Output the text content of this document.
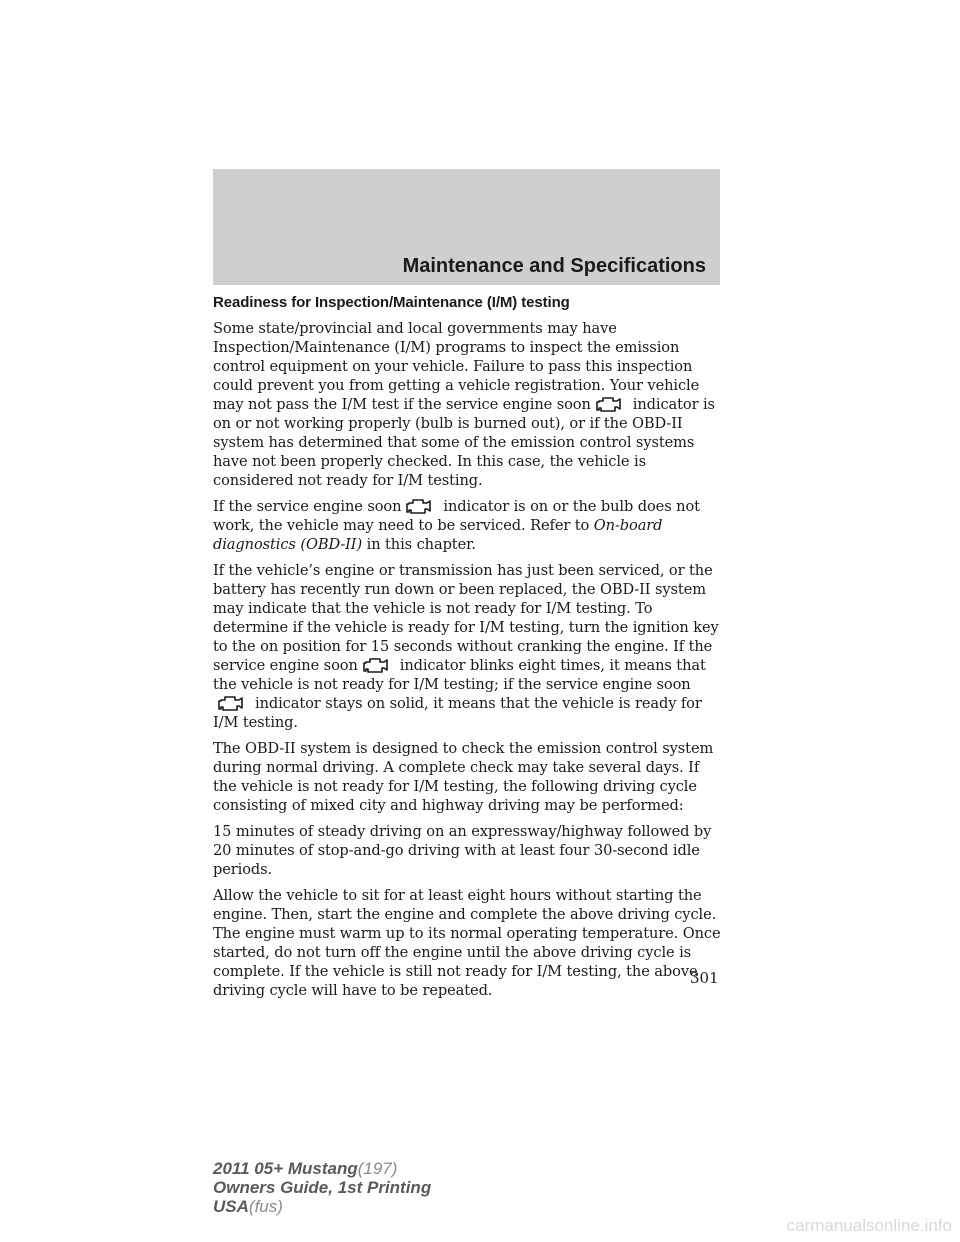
Maintenance and Specifications
Readiness for Inspection/Maintenance (I/M) testing

Some state/provincial and local governments may have Inspection/Maintenance (I/M) programs to inspect the emission control equipment on your vehicle. Failure to pass this inspection could prevent you from getting a vehicle registration. Your vehicle may not pass the I/M test if the service engine soon	indicator is on or not working properly (bulb is burned out), or if the OBD-II system has determined that some of the emission control systems have not been properly checked. In this case, the vehicle is considered not ready for I/M testing.

If the service engine soon	indicator is on or the bulb does not work, the vehicle may need to be serviced. Refer to On-board diagnostics (OBD-II) in this chapter.

If the vehicle’s engine or transmission has just been serviced, or the battery has recently run down or been replaced, the OBD-II system may indicate that the vehicle is not ready for I/M testing. To determine if the vehicle is ready for I/M testing, turn the ignition key to the on position for 15 seconds without cranking the engine. If the service engine soon	indicator blinks eight times, it means that the vehicle is not ready for I/M testing; if the service engine soon
indicator stays on solid, it means that the vehicle is ready for I/M testing.

The OBD-II system is designed to check the emission control system during normal driving. A complete check may take several days. If the vehicle is not ready for I/M testing, the following driving cycle consisting of mixed city and highway driving may be performed:

15 minutes of steady driving on an expressway/highway followed by 20 minutes of stop-and-go driving with at least four 30-second idle periods.

Allow the vehicle to sit for at least eight hours without starting the engine. Then, start the engine and complete the above driving cycle. The engine must warm up to its normal operating temperature. Once started, do not turn off the engine until the above driving cycle is complete. If the vehicle is still not ready for I/M testing, the above driving cycle will have to be repeated.

301
2011 05+ Mustang(197)
Owners Guide, 1st Printing
USA(fus)
carmanualsonline.info
